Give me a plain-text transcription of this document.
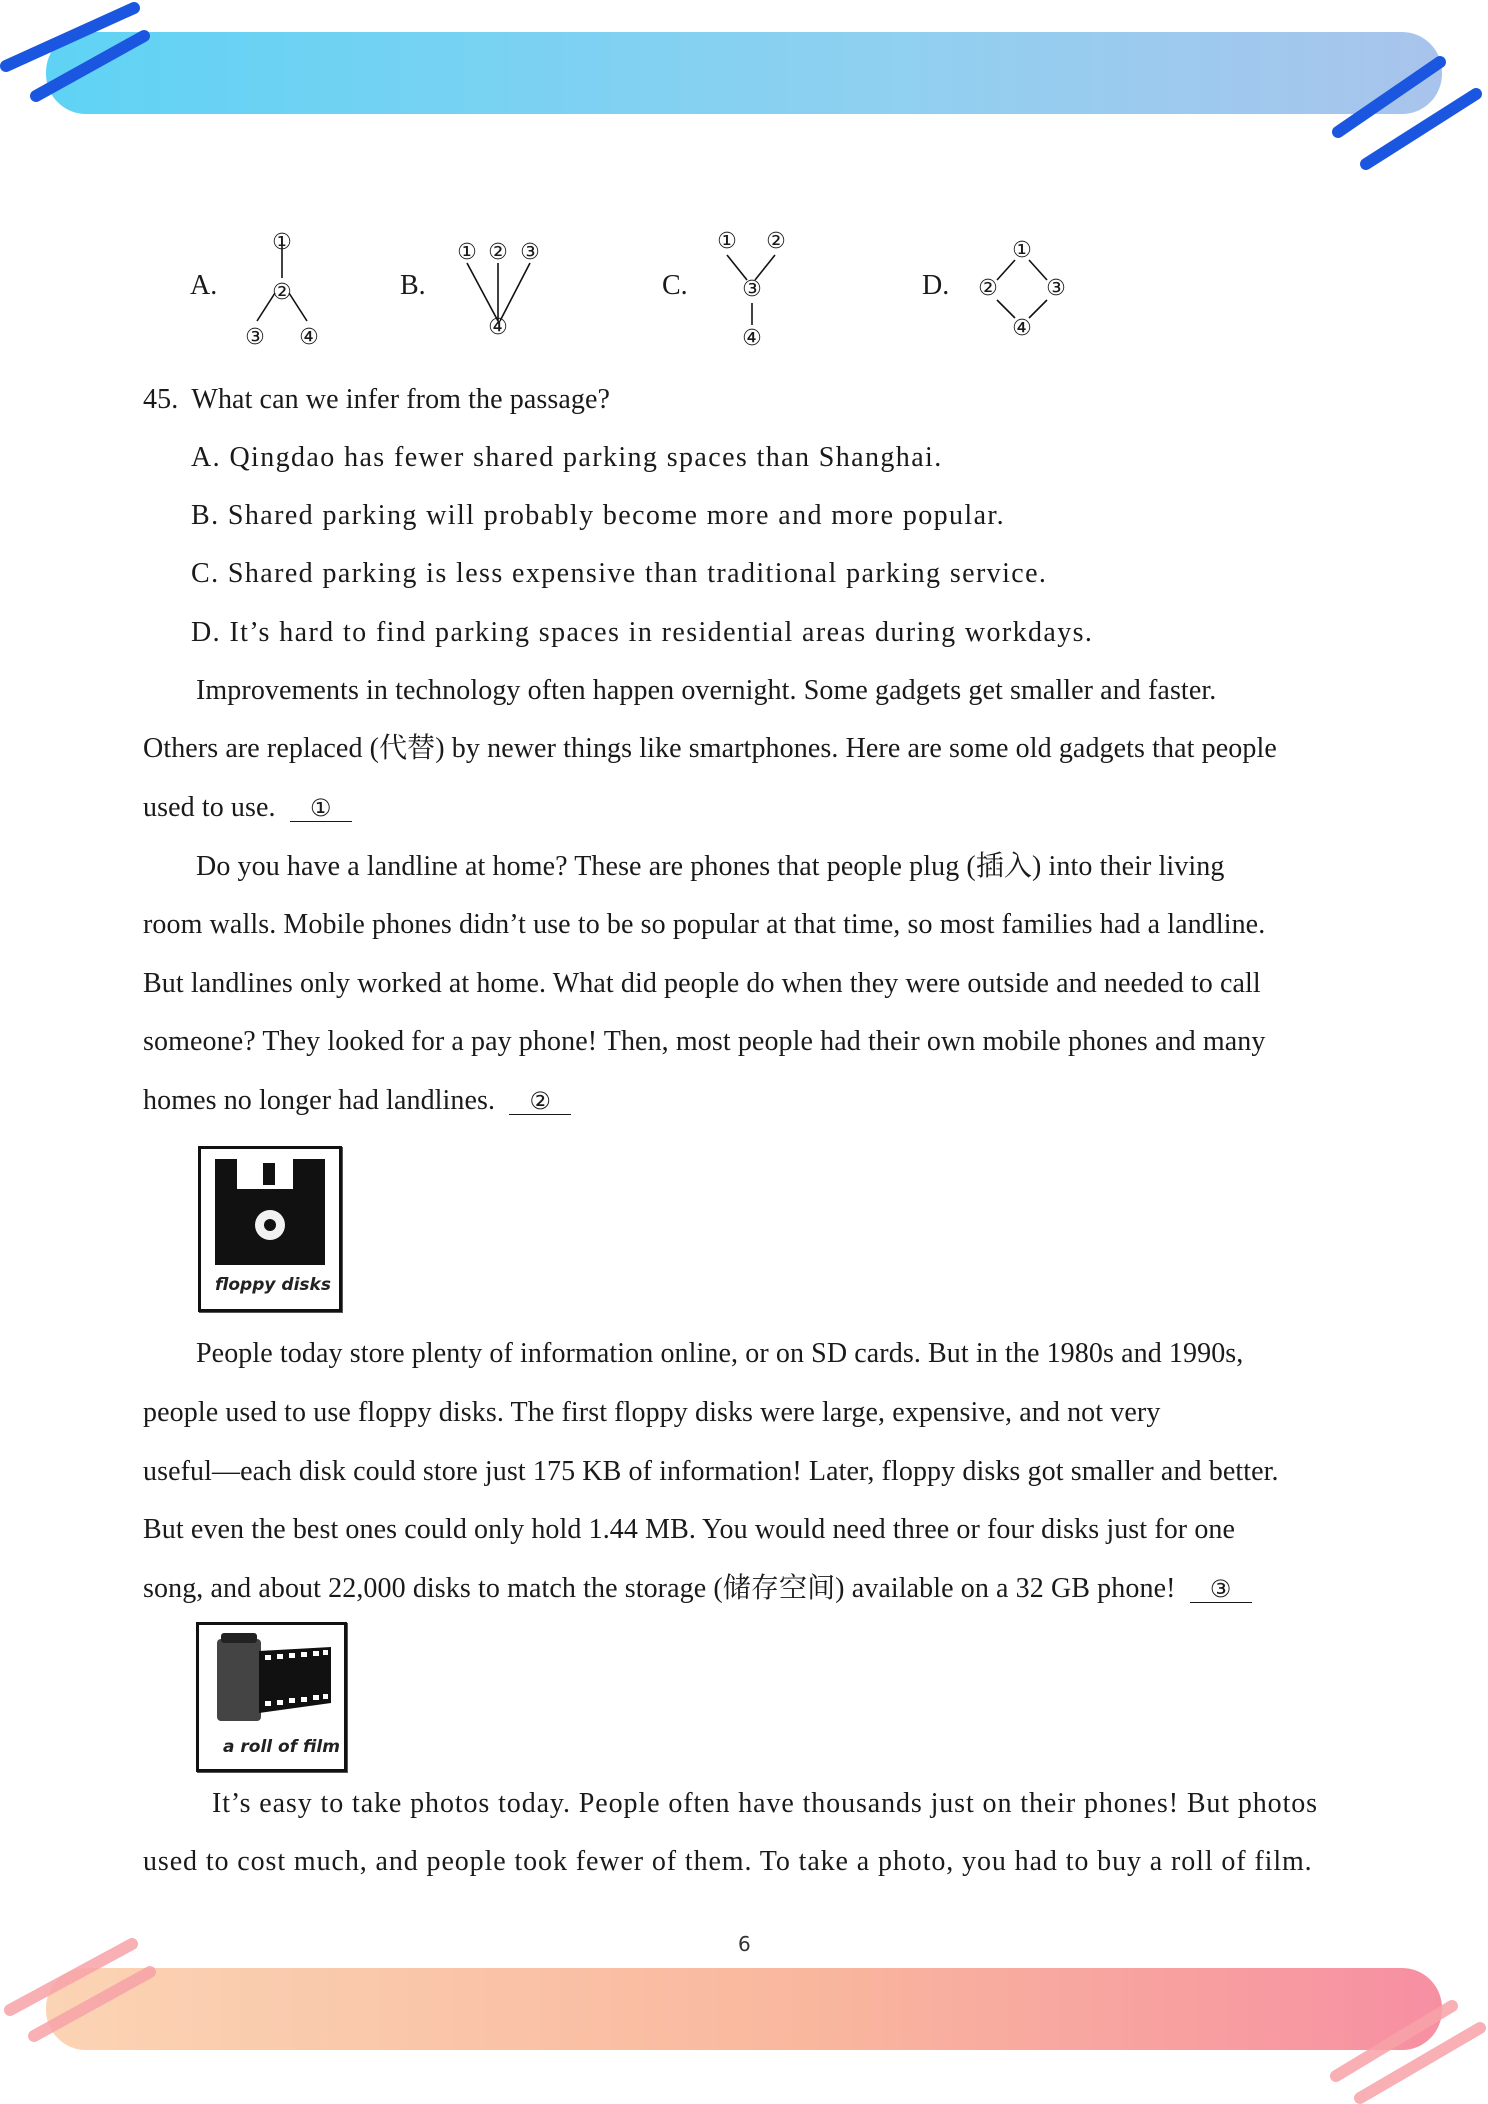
A.
①
②
③ ④
B.
① ② ③
④
C.
① ②
③
④
D.
①
② ③
④
45. What can we infer from the passage?
A. Qingdao has fewer shared parking spaces than Shanghai.
B. Shared parking will probably become more and more popular.
C. Shared parking is less expensive than traditional parking service.
D. It’s hard to find parking spaces in residential areas during workdays.
Improvements in technology often happen overnight. Some gadgets get smaller and faster.
Others are replaced (代替) by newer things like smartphones. Here are some old gadgets that people
used to use. ①
Do you have a landline at home? These are phones that people plug (插入) into their living
room walls. Mobile phones didn’t use to be so popular at that time, so most families had a landline.
But landlines only worked at home. What did people do when they were outside and needed to call
someone? They looked for a pay phone! Then, most people had their own mobile phones and many
homes no longer had landlines. ②
floppy disks
People today store plenty of information online, or on SD cards. But in the 1980s and 1990s,
people used to use floppy disks. The first floppy disks were large, expensive, and not very
useful—each disk could store just 175 KB of information! Later, floppy disks got smaller and better.
But even the best ones could only hold 1.44 MB. You would need three or four disks just for one
song, and about 22,000 disks to match the storage (储存空间) available on a 32 GB phone! ③
a roll of film
It’s easy to take photos today. People often have thousands just on their phones! But photos
used to cost much, and people took fewer of them. To take a photo, you had to buy a roll of film.
6
